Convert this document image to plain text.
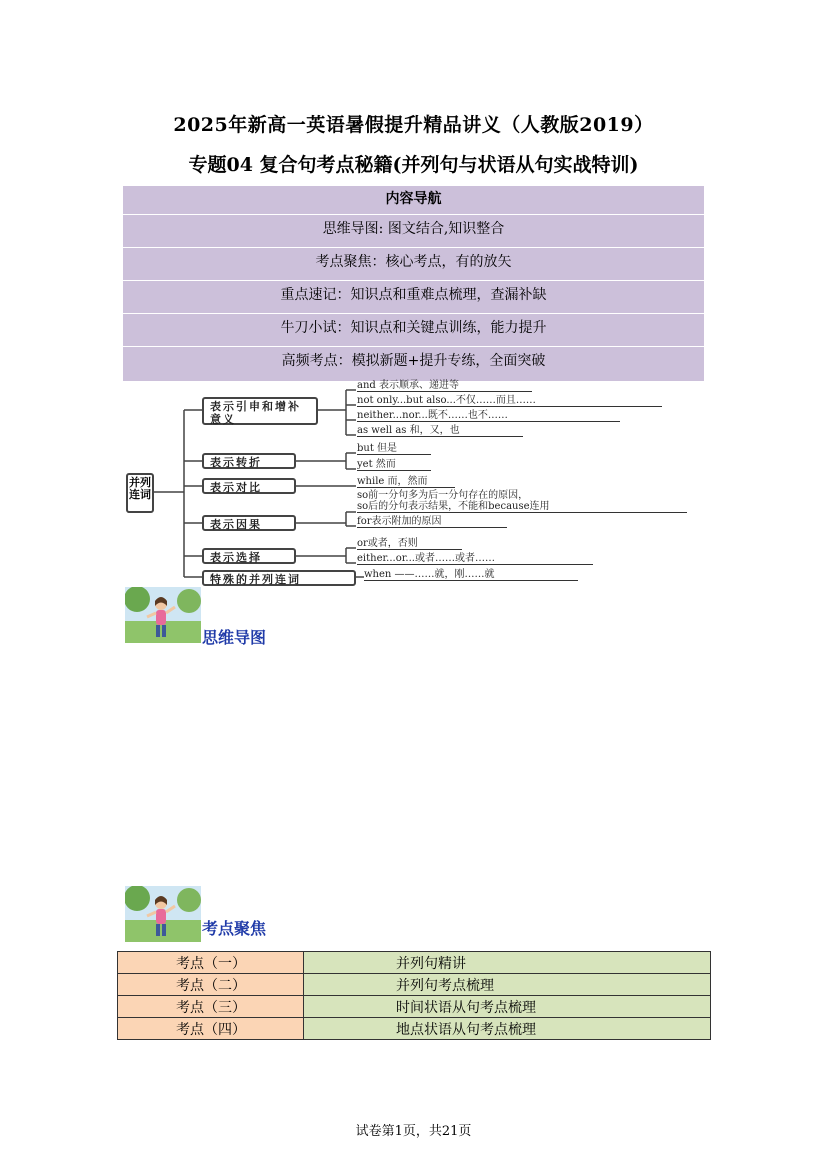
2025年新高一英语暑假提升精品讲义（人教版2019）
专题04 复合句考点秘籍(并列句与状语从句实战特训)
内容导航
思维导图: 图文结合,知识整合
考点聚焦：核心考点，有的放矢
重点速记：知识点和重难点梳理，查漏补缺
牛刀小试：知识点和关键点训练，能力提升
高频考点：模拟新题+提升专练，全面突破
并列连词
表示引申和增补意义
表示转折
表示对比
表示因果
表示选择
特殊的并列连词
and 表示顺承、递进等
not only...but also...不仅……而且……
neither...nor...既不……也不……
as well as 和，又，也
but 但是
yet 然而
while 而，然而
so前一分句多为后一分句存在的原因，
so后的分句表示结果，不能和because连用
for表示附加的原因
or或者，否则
either...or...或者……或者……
when ——……就，刚……就
思维导图
考点聚焦
考点（一）	并列句精讲
考点（二）	并列句考点梳理
考点（三）	时间状语从句考点梳理
考点（四）	地点状语从句考点梳理
试卷第1页，共21页
